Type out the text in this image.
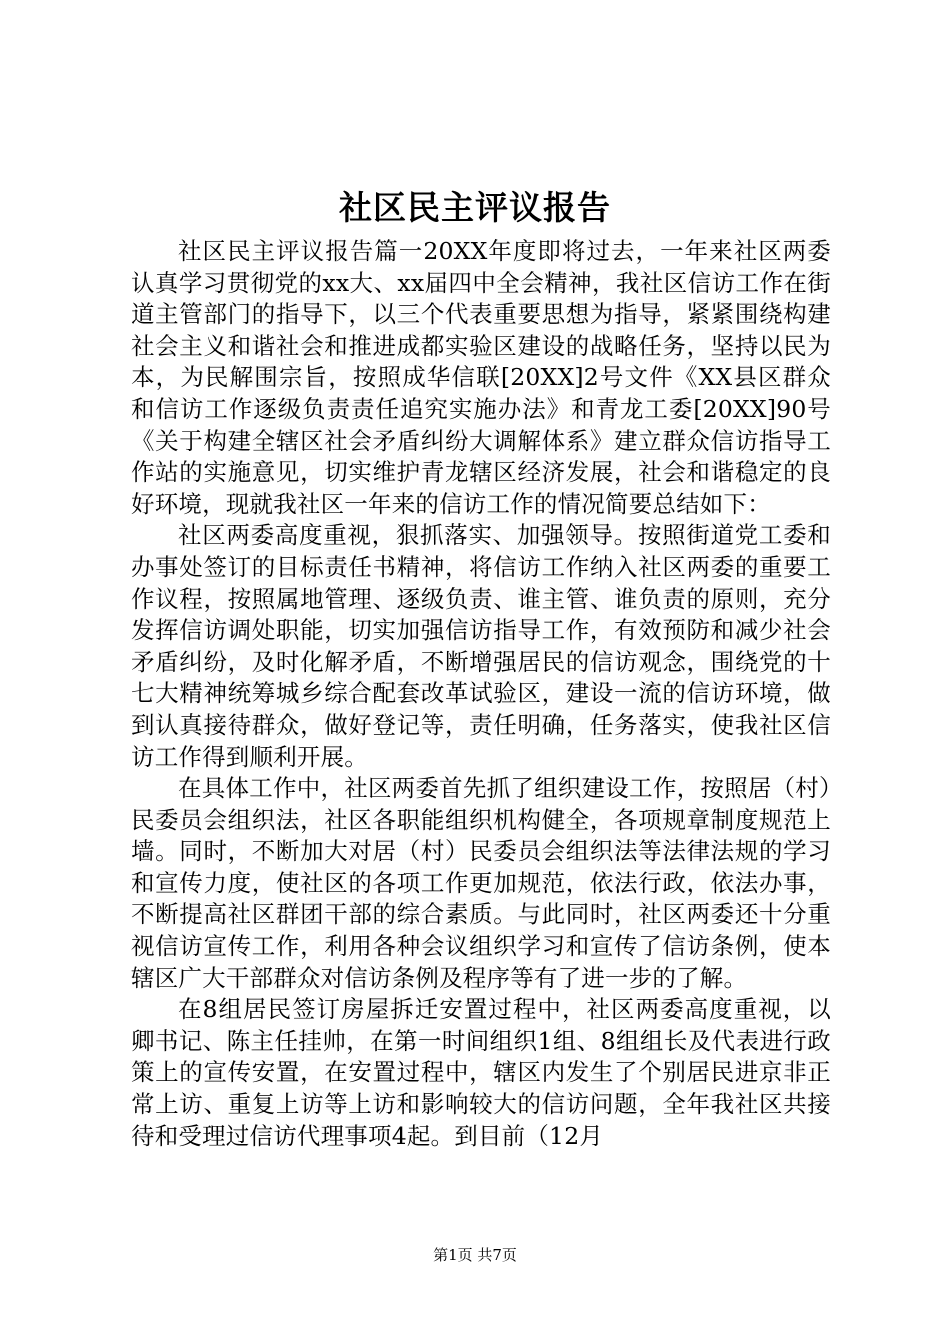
社区民主评议报告

社区民主评议报告篇一20XX年度即将过去，一年来社区两委认真学习贯彻党的xx大、xx届四中全会精神，我社区信访工作在街道主管部门的指导下，以三个代表重要思想为指导，紧紧围绕构建社会主义和谐社会和推进成都实验区建设的战略任务，坚持以民为本，为民解围宗旨，按照成华信联[20XX]2号文件《XX县区群众和信访工作逐级负责责任追究实施办法》和青龙工委[20XX]90号《关于构建全辖区社会矛盾纠纷大调解体系》建立群众信访指导工作站的实施意见，切实维护青龙辖区经济发展，社会和谐稳定的良好环境，现就我社区一年来的信访工作的情况简要总结如下：

社区两委高度重视，狠抓落实、加强领导。按照街道党工委和办事处签订的目标责任书精神，将信访工作纳入社区两委的重要工作议程，按照属地管理、逐级负责、谁主管、谁负责的原则，充分发挥信访调处职能，切实加强信访指导工作，有效预防和减少社会矛盾纠纷，及时化解矛盾，不断增强居民的信访观念，围绕党的十七大精神统筹城乡综合配套改革试验区，建设一流的信访环境，做到认真接待群众，做好登记等，责任明确，任务落实，使我社区信访工作得到顺利开展。

在具体工作中，社区两委首先抓了组织建设工作，按照居（村）民委员会组织法，社区各职能组织机构健全，各项规章制度规范上墙。同时，不断加大对居（村）民委员会组织法等法律法规的学习和宣传力度，使社区的各项工作更加规范，依法行政，依法办事，不断提高社区群团干部的综合素质。与此同时，社区两委还十分重视信访宣传工作，利用各种会议组织学习和宣传了信访条例，使本辖区广大干部群众对信访条例及程序等有了进一步的了解。

在8组居民签订房屋拆迁安置过程中，社区两委高度重视，以卿书记、陈主任挂帅，在第一时间组织1组、8组组长及代表进行政策上的宣传安置，在安置过程中，辖区内发生了个别居民进京非正常上访、重复上访等上访和影响较大的信访问题，全年我社区共接待和受理过信访代理事项4起。到目前（12月

第1页 共7页
